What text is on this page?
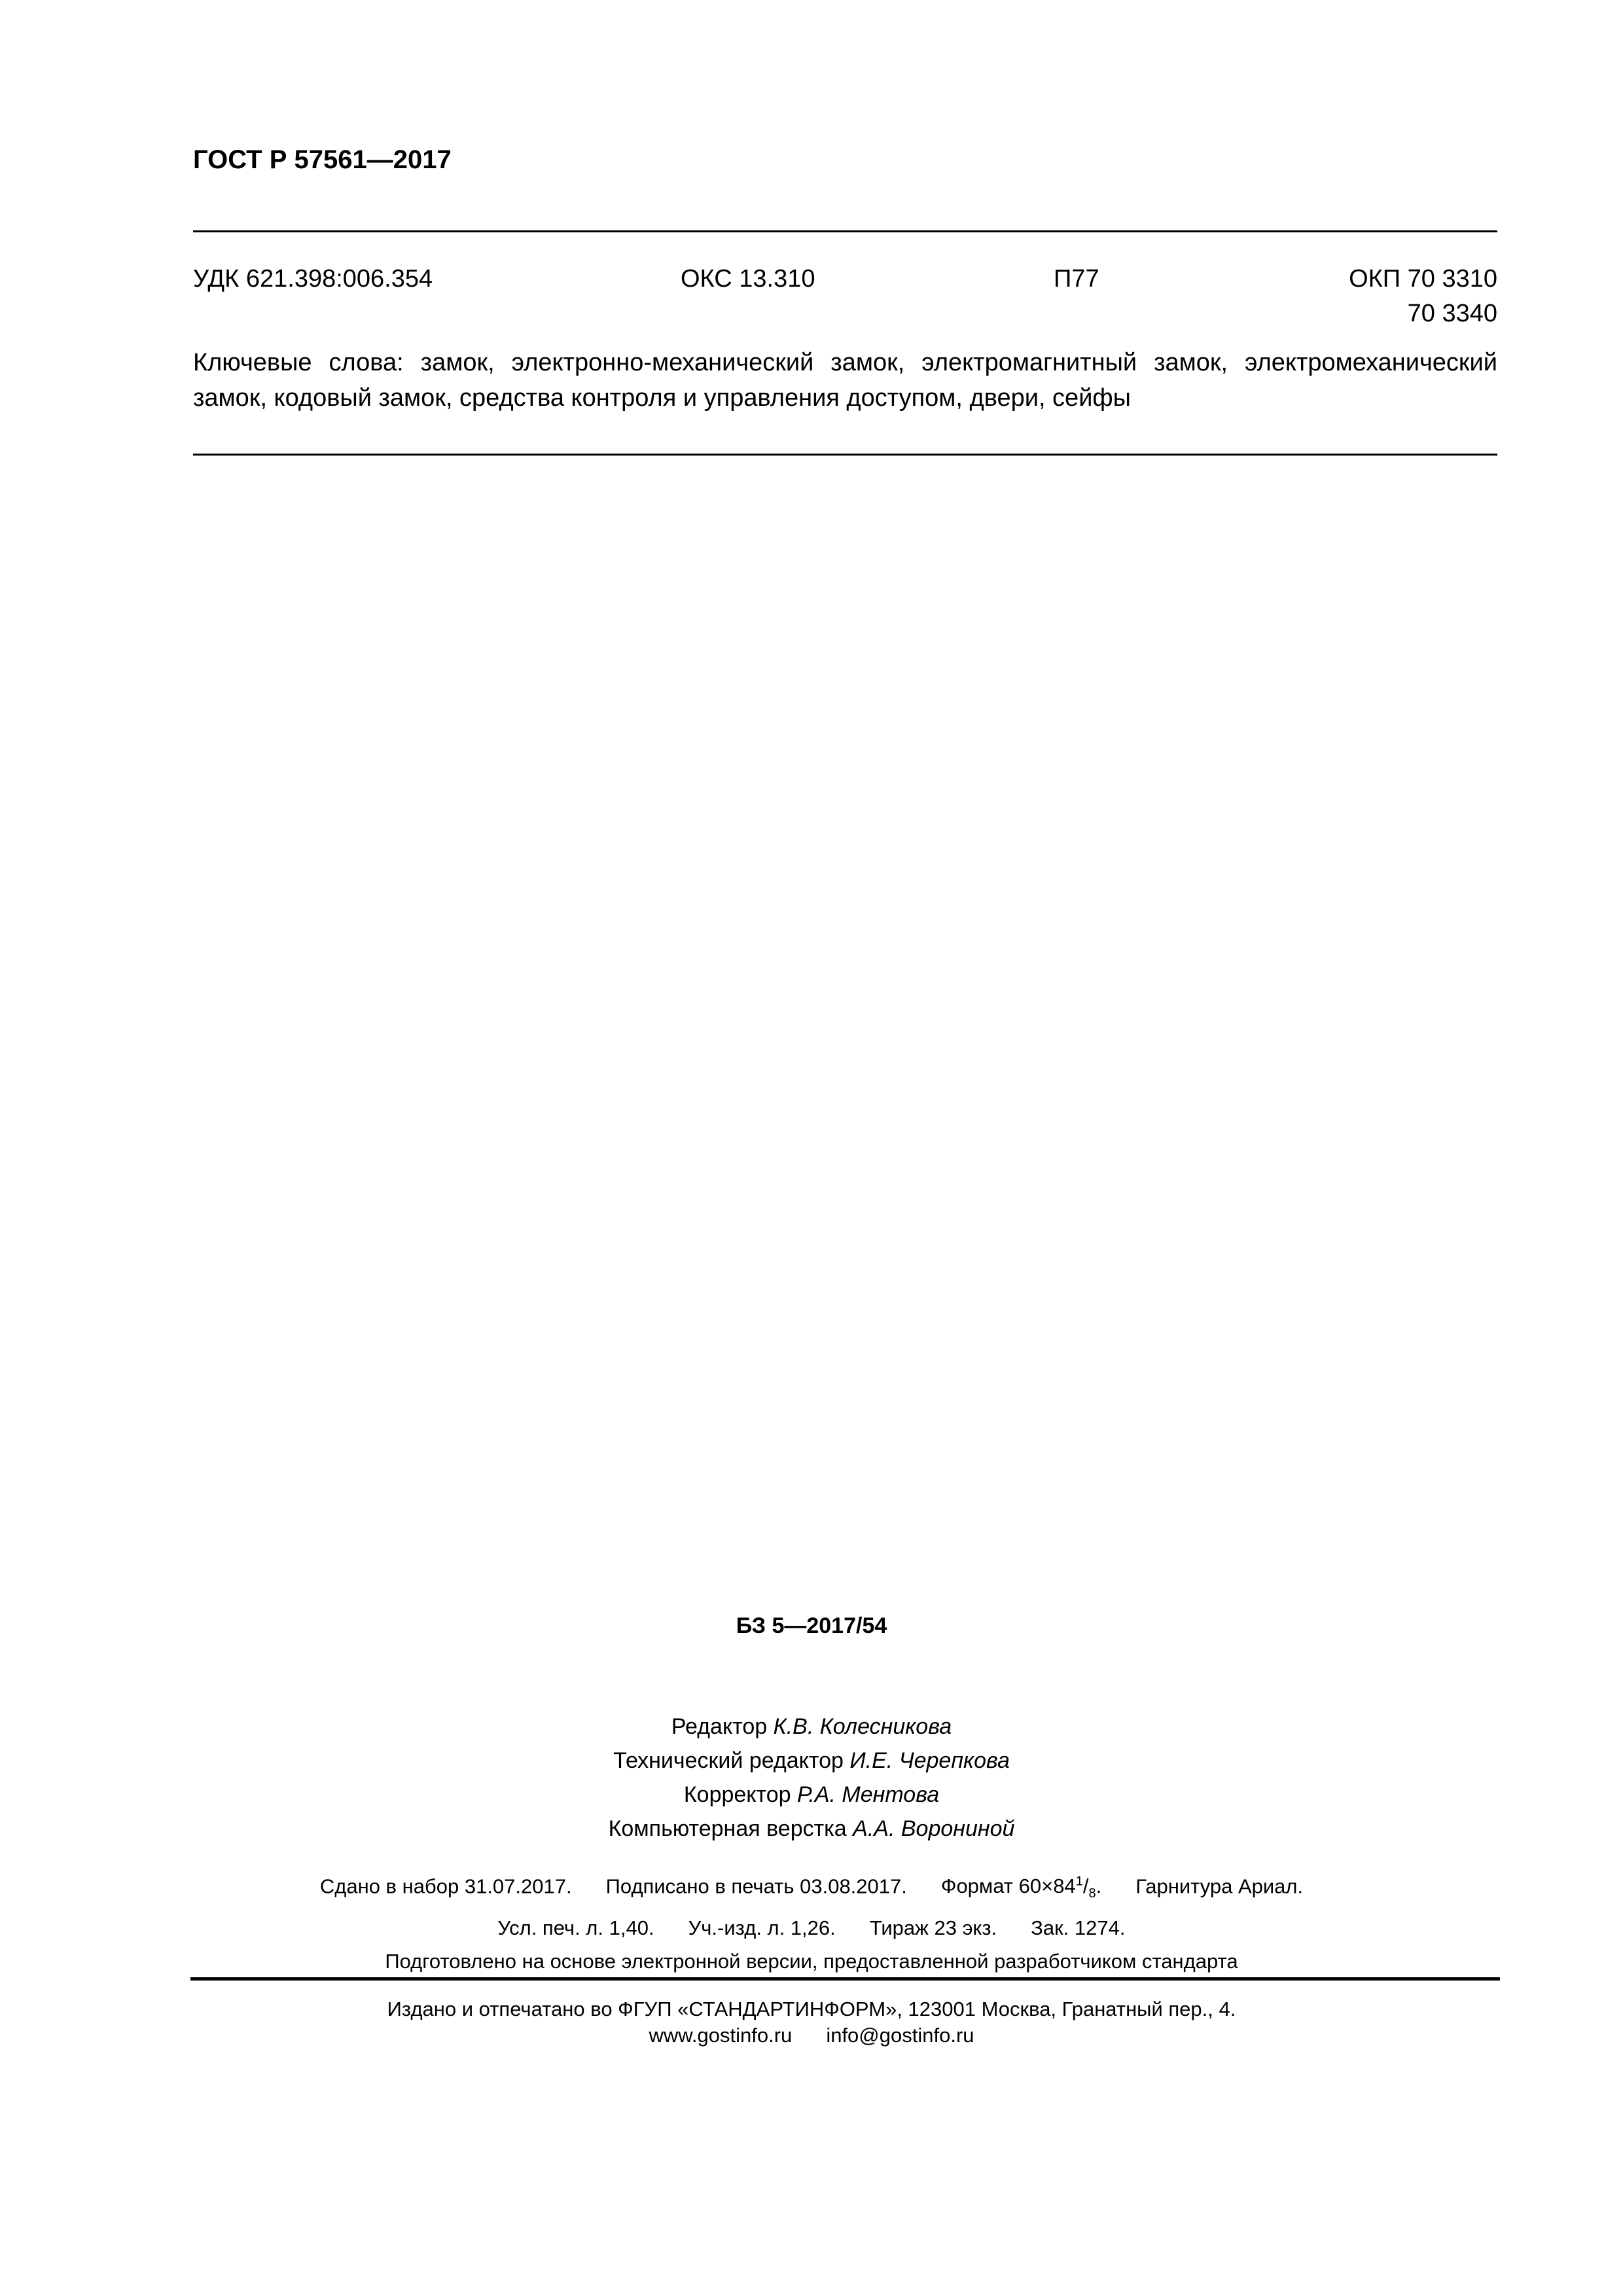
ГОСТ Р 57561—2017
УДК 621.398:006.354	ОКС 13.310	П77	ОКП 70 3310
70 3340
Ключевые слова: замок, электронно-механический замок, электромагнитный замок, электромеханический замок, кодовый замок, средства контроля и управления доступом, двери, сейфы
БЗ 5—2017/54
Редактор К.В. Колесникова
Технический редактор И.Е. Черепкова
Корректор Р.А. Ментова
Компьютерная верстка А.А. Ворониной
Сдано в набор 31.07.2017. Подписано в печать 03.08.2017. Формат $60\times 84^1/_8$. Гарнитура Ариал.
Усл. печ. л. 1,40. Уч.-изд. л. 1,26. Тираж 23 экз. Зак. 1274.
Подготовлено на основе электронной версии, предоставленной разработчиком стандарта
Издано и отпечатано во ФГУП «СТАНДАРТИНФОРМ», 123001 Москва, Гранатный пер., 4.
www.gostinfo.ru info@gostinfo.ru
